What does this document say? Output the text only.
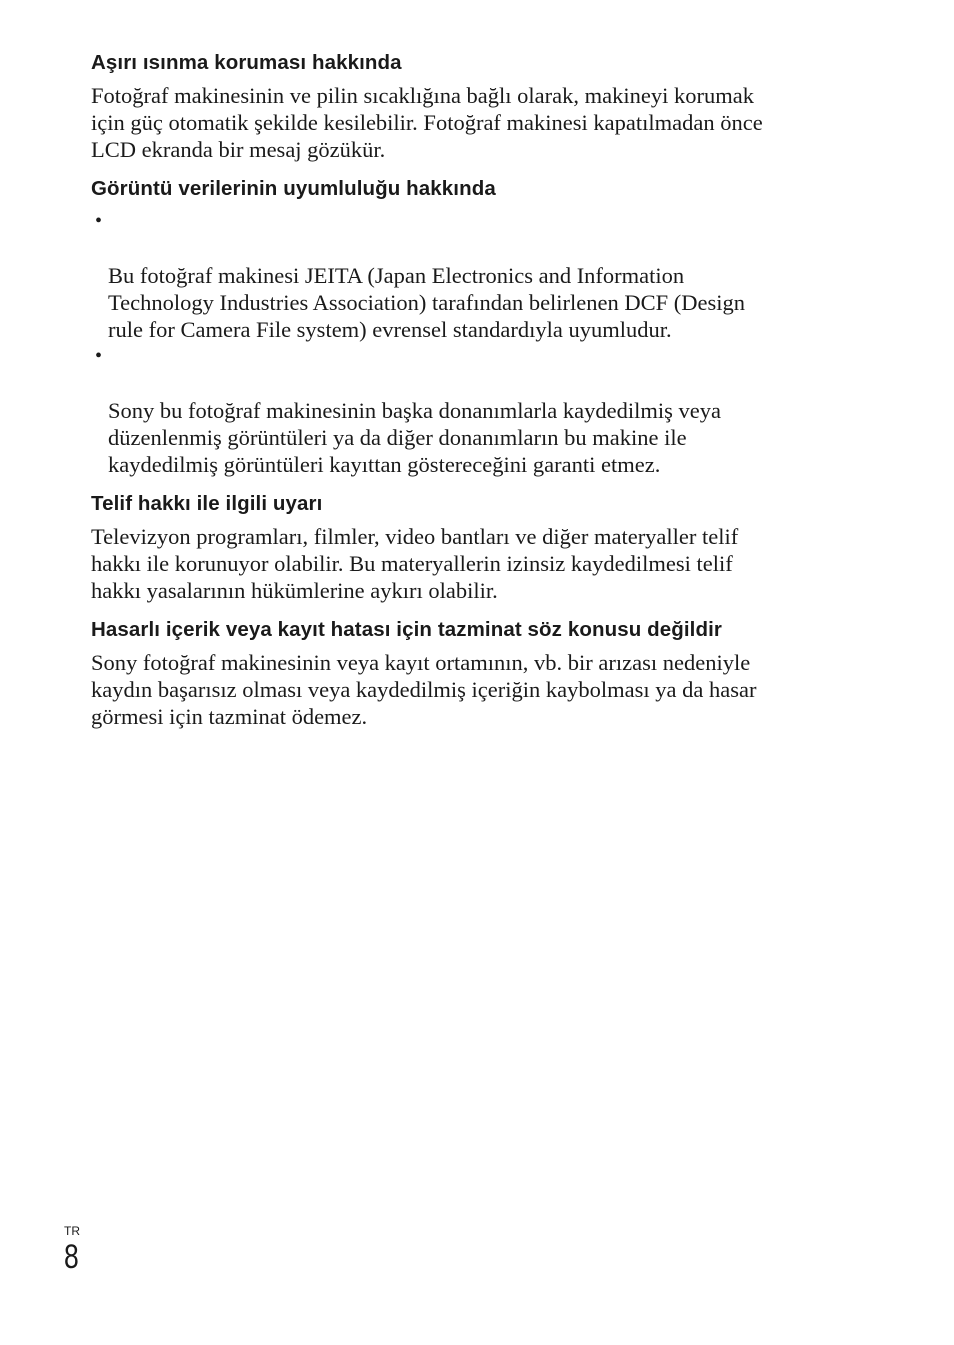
Aşırı ısınma koruması hakkında

Fotoğraf makinesinin ve pilin sıcaklığına bağlı olarak, makineyi korumak
için güç otomatik şekilde kesilebilir. Fotoğraf makinesi kapatılmadan önce
LCD ekranda bir mesaj gözükür.

Görüntü verilerinin uyumluluğu hakkında

•

Bu fotoğraf makinesi JEITA (Japan Electronics and Information
Technology Industries Association) tarafından belirlenen DCF (Design
rule for Camera File system) evrensel standardıyla uyumludur.

•

Sony bu fotoğraf makinesinin başka donanımlarla kaydedilmiş veya
düzenlenmiş görüntüleri ya da diğer donanımların bu makine ile
kaydedilmiş görüntüleri kayıttan göstereceğini garanti etmez.

Telif hakkı ile ilgili uyarı

Televizyon programları, filmler, video bantları ve diğer materyaller telif
hakkı ile korunuyor olabilir. Bu materyallerin izinsiz kaydedilmesi telif
hakkı yasalarının hükümlerine aykırı olabilir.

Hasarlı içerik veya kayıt hatası için tazminat söz konusu değildir

Sony fotoğraf makinesinin veya kayıt ortamının, vb. bir arızası nedeniyle
kaydın başarısız olması veya kaydedilmiş içeriğin kaybolması ya da hasar
görmesi için tazminat ödemez.

TR
8
